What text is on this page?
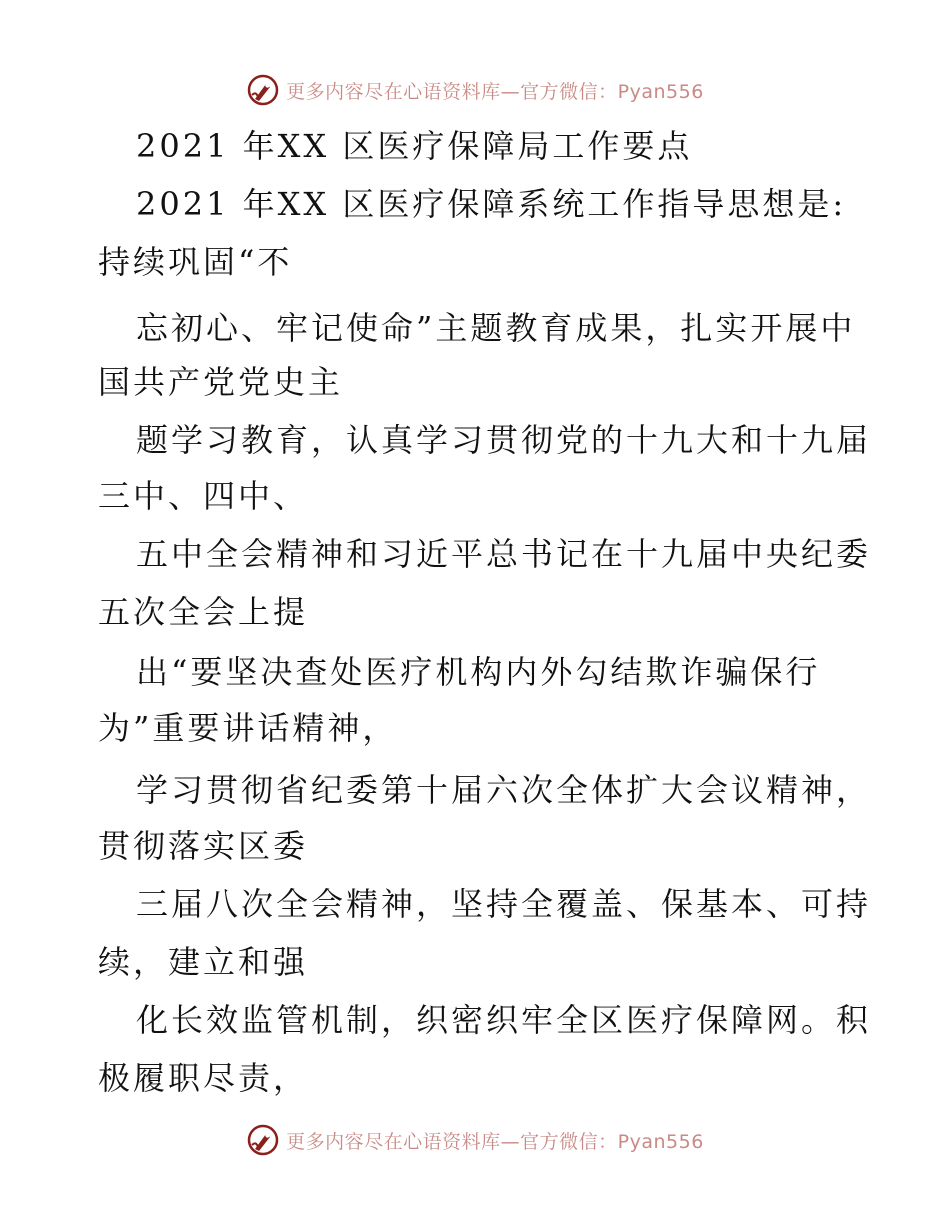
更多内容尽在心语资料库—官方微信：Pyan556
2021 年XX 区医疗保障局工作要点
2021 年XX 区医疗保障系统工作指导思想是:
持续巩固“不
忘初心、牢记使命”主题教育成果，扎实开展中
国共产党党史主
题学习教育，认真学习贯彻党的十九大和十九届
三中、四中、
五中全会精神和习近平总书记在十九届中央纪委
五次全会上提
出“要坚决查处医疗机构内外勾结欺诈骗保行
为”重要讲话精神，
学习贯彻省纪委第十届六次全体扩大会议精神，
贯彻落实区委
三届八次全会精神，坚持全覆盖、保基本、可持
续，建立和强
化长效监管机制，织密织牢全区医疗保障网。积
极履职尽责，
更多内容尽在心语资料库—官方微信：Pyan556
